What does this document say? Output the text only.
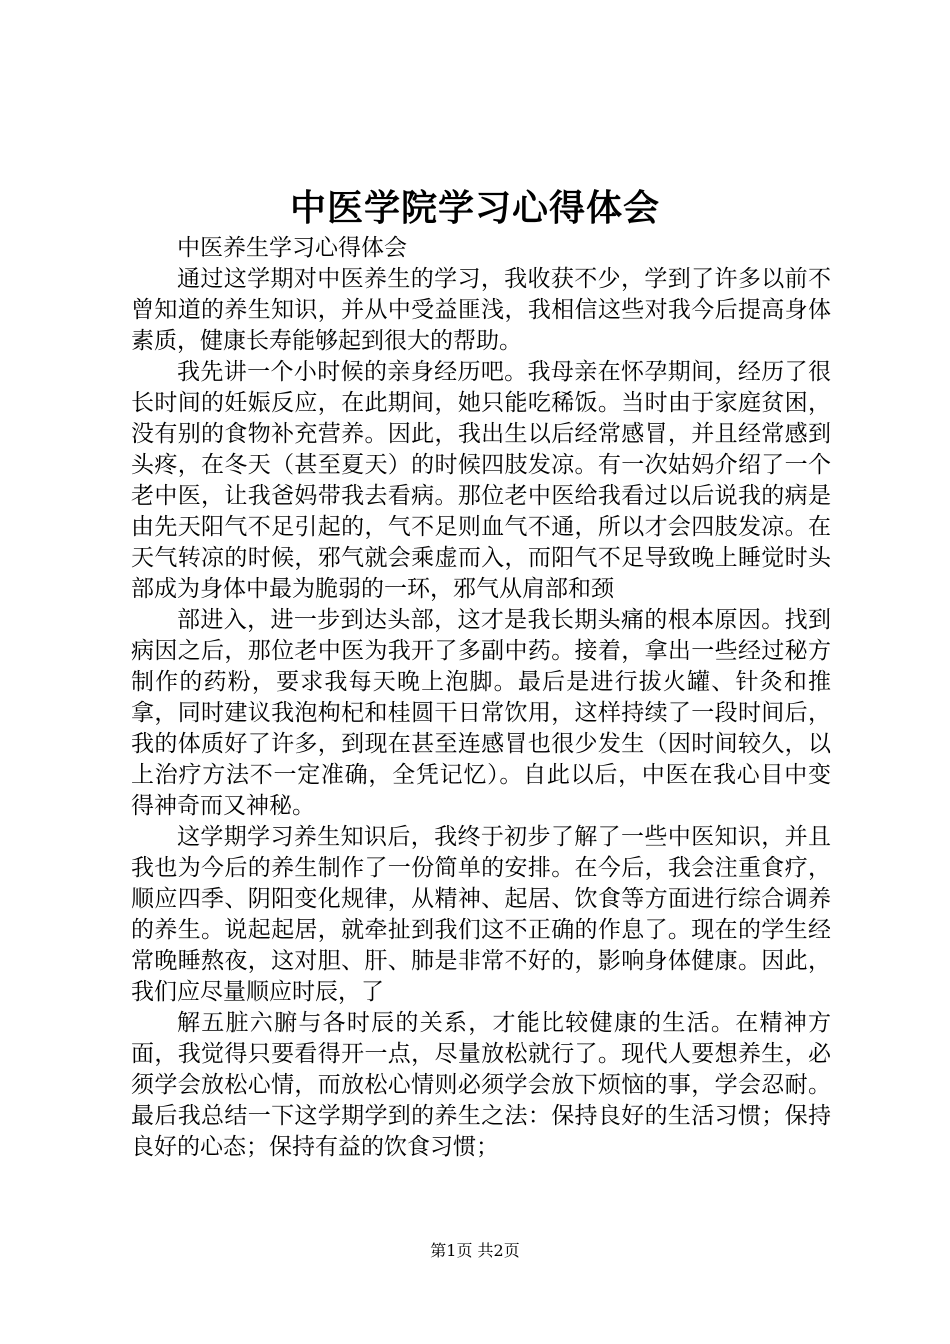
中医学院学习心得体会

中医养生学习心得体会

通过这学期对中医养生的学习，我收获不少，学到了许多以前不曾知道的养生知识，并从中受益匪浅，我相信这些对我今后提高身体素质，健康长寿能够起到很大的帮助。

我先讲一个小时候的亲身经历吧。我母亲在怀孕期间，经历了很长时间的妊娠反应，在此期间，她只能吃稀饭。当时由于家庭贫困，没有别的食物补充营养。因此，我出生以后经常感冒，并且经常感到头疼，在冬天（甚至夏天）的时候四肢发凉。有一次姑妈介绍了一个老中医，让我爸妈带我去看病。那位老中医给我看过以后说我的病是由先天阳气不足引起的，气不足则血气不通，所以才会四肢发凉。在天气转凉的时候，邪气就会乘虚而入，而阳气不足导致晚上睡觉时头部成为身体中最为脆弱的一环，邪气从肩部和颈

部进入，进一步到达头部，这才是我长期头痛的根本原因。找到病因之后，那位老中医为我开了多副中药。接着，拿出一些经过秘方制作的药粉，要求我每天晚上泡脚。最后是进行拔火罐、针灸和推拿，同时建议我泡枸杞和桂圆干日常饮用，这样持续了一段时间后，我的体质好了许多，到现在甚至连感冒也很少发生（因时间较久，以上治疗方法不一定准确，全凭记忆）。自此以后，中医在我心目中变得神奇而又神秘。

这学期学习养生知识后，我终于初步了解了一些中医知识，并且我也为今后的养生制作了一份简单的安排。在今后，我会注重食疗，顺应四季、阴阳变化规律，从精神、起居、饮食等方面进行综合调养的养生。说起起居，就牵扯到我们这不正确的作息了。现在的学生经常晚睡熬夜，这对胆、肝、肺是非常不好的，影响身体健康。因此，我们应尽量顺应时辰，了

解五脏六腑与各时辰的关系，才能比较健康的生活。在精神方面，我觉得只要看得开一点，尽量放松就行了。现代人要想养生，必须学会放松心情，而放松心情则必须学会放下烦恼的事，学会忍耐。最后我总结一下这学期学到的养生之法：保持良好的生活习惯；保持良好的心态；保持有益的饮食习惯；

第1页 共2页
